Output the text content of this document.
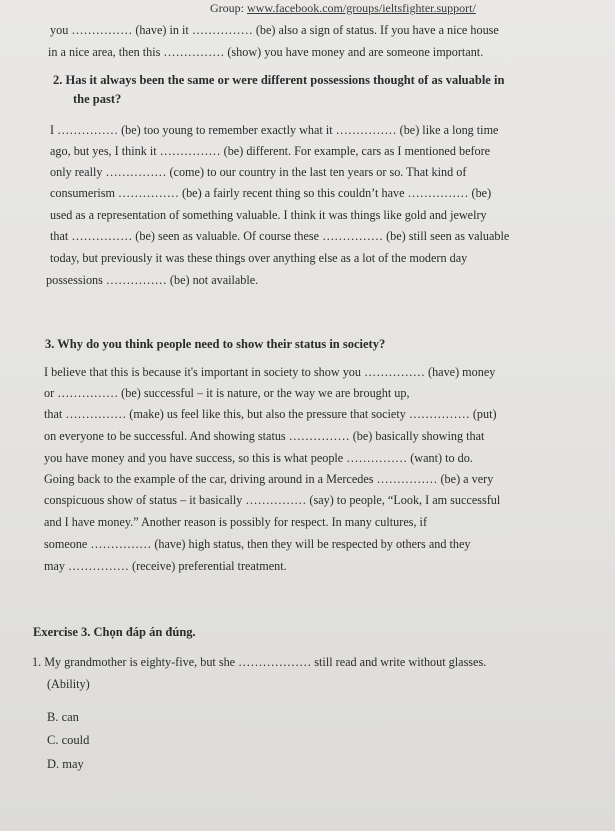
Group: www.facebook.com/groups/ieltsfighter.support/
you …………… (have) in it …………… (be) also a sign of status. If you have a nice house
in a nice area, then this …………… (show) you have money and are someone important.
2. Has it always been the same or were different possessions thought of as valuable in
the past?
I …………… (be) too young to remember exactly what it …………… (be) like a long time
ago, but yes, I think it …………… (be) different. For example, cars as I mentioned before
only really …………… (come) to our country in the last ten years or so. That kind of
consumerism …………… (be) a fairly recent thing so this couldn’t have …………… (be)
used as a representation of something valuable. I think it was things like gold and jewelry
that …………… (be) seen as valuable. Of course these …………… (be) still seen as valuable
today, but previously it was these things over anything else as a lot of the modern day
possessions …………… (be) not available.
3. Why do you think people need to show their status in society?
I believe that this is because it's important in society to show you …………… (have) money
or …………… (be) successful – it is nature, or the way we are brought up,
that …………… (make) us feel like this, but also the pressure that society …………… (put)
on everyone to be successful. And showing status …………… (be) basically showing that
you have money and you have success, so this is what people …………… (want) to do.
Going back to the example of the car, driving around in a Mercedes …………… (be) a very
conspicuous show of status – it basically …………… (say) to people, “Look, I am successful
and I have money.” Another reason is possibly for respect. In many cultures, if
someone …………… (have) high status, then they will be respected by others and they
may …………… (receive) preferential treatment.
Exercise 3. Chọn đáp án đúng.
1. My grandmother is eighty-five, but she ……………… still read and write without glasses.
(Ability)
B. can
C. could
D. may
